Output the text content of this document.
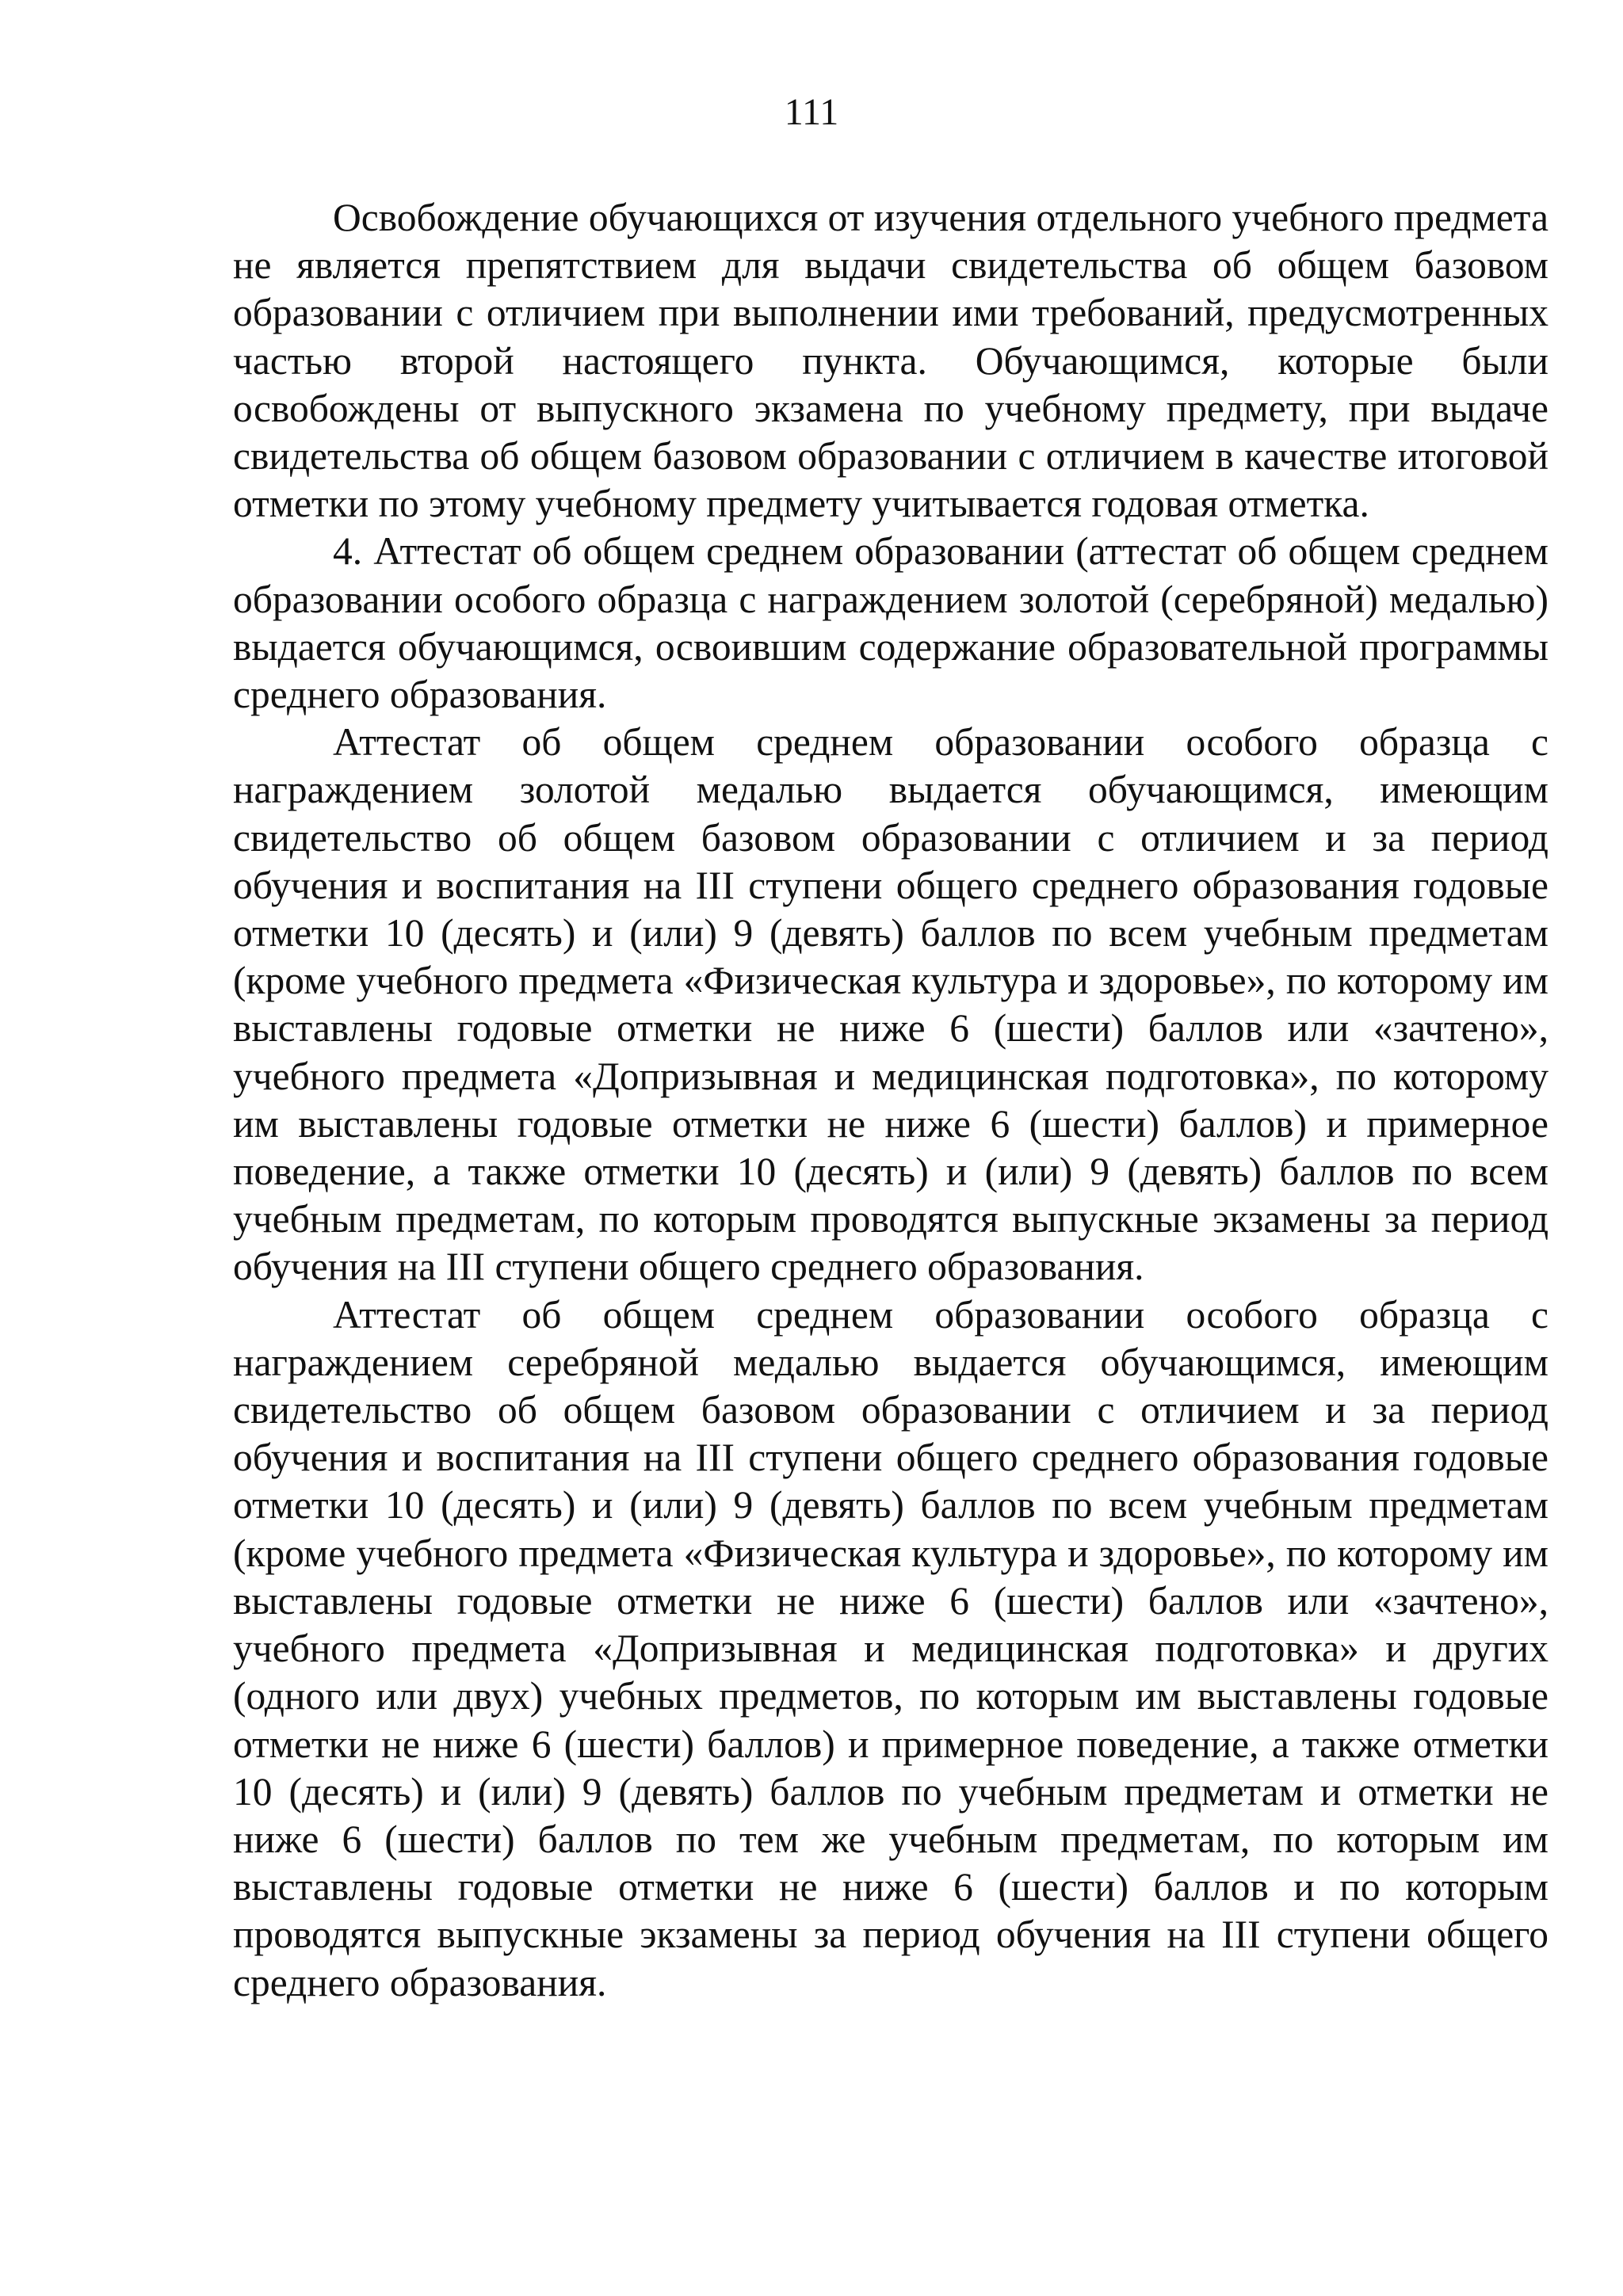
111

Освобождение обучающихся от изучения отдельного учебного предмета не является препятствием для выдачи свидетельства об общем базовом образовании с отличием при выполнении ими требований, предусмотренных частью второй настоящего пункта. Обучающимся, которые были освобождены от выпускного экзамена по учебному предмету, при выдаче свидетельства об общем базовом образовании с отличием в качестве итоговой отметки по этому учебному предмету учитывается годовая отметка.

4. Аттестат об общем среднем образовании (аттестат об общем среднем образовании особого образца с награждением золотой (серебряной) медалью) выдается обучающимся, освоившим содержание образовательной программы среднего образования.

Аттестат об общем среднем образовании особого образца с награждением золотой медалью выдается обучающимся, имеющим свидетельство об общем базовом образовании с отличием и за период обучения и воспитания на III ступени общего среднего образования годовые отметки 10 (десять) и (или) 9 (девять) баллов по всем учебным предметам (кроме учебного предмета «Физическая культура и здоровье», по которому им выставлены годовые отметки не ниже 6 (шести) баллов или «зачтено», учебного предмета «Допризывная и медицинская подготовка», по которому им выставлены годовые отметки не ниже 6 (шести) баллов) и примерное поведение, а также отметки 10 (десять) и (или) 9 (девять) баллов по всем учебным предметам, по которым проводятся выпускные экзамены за период обучения на III ступени общего среднего образования.

Аттестат об общем среднем образовании особого образца с награждением серебряной медалью выдается обучающимся, имеющим свидетельство об общем базовом образовании с отличием и за период обучения и воспитания на III ступени общего среднего образования годовые отметки 10 (десять) и (или) 9 (девять) баллов по всем учебным предметам (кроме учебного предмета «Физическая культура и здоровье», по которому им выставлены годовые отметки не ниже 6 (шести) баллов или «зачтено», учебного предмета «Допризывная и медицинская подготовка» и других (одного или двух) учебных предметов, по которым им выставлены годовые отметки не ниже 6 (шести) баллов) и примерное поведение, а также отметки 10 (десять) и (или) 9 (девять) баллов по учебным предметам и отметки не ниже 6 (шести) баллов по тем же учебным предметам, по которым им выставлены годовые отметки не ниже 6 (шести) баллов и по которым проводятся выпускные экзамены за период обучения на III ступени общего среднего образования.
